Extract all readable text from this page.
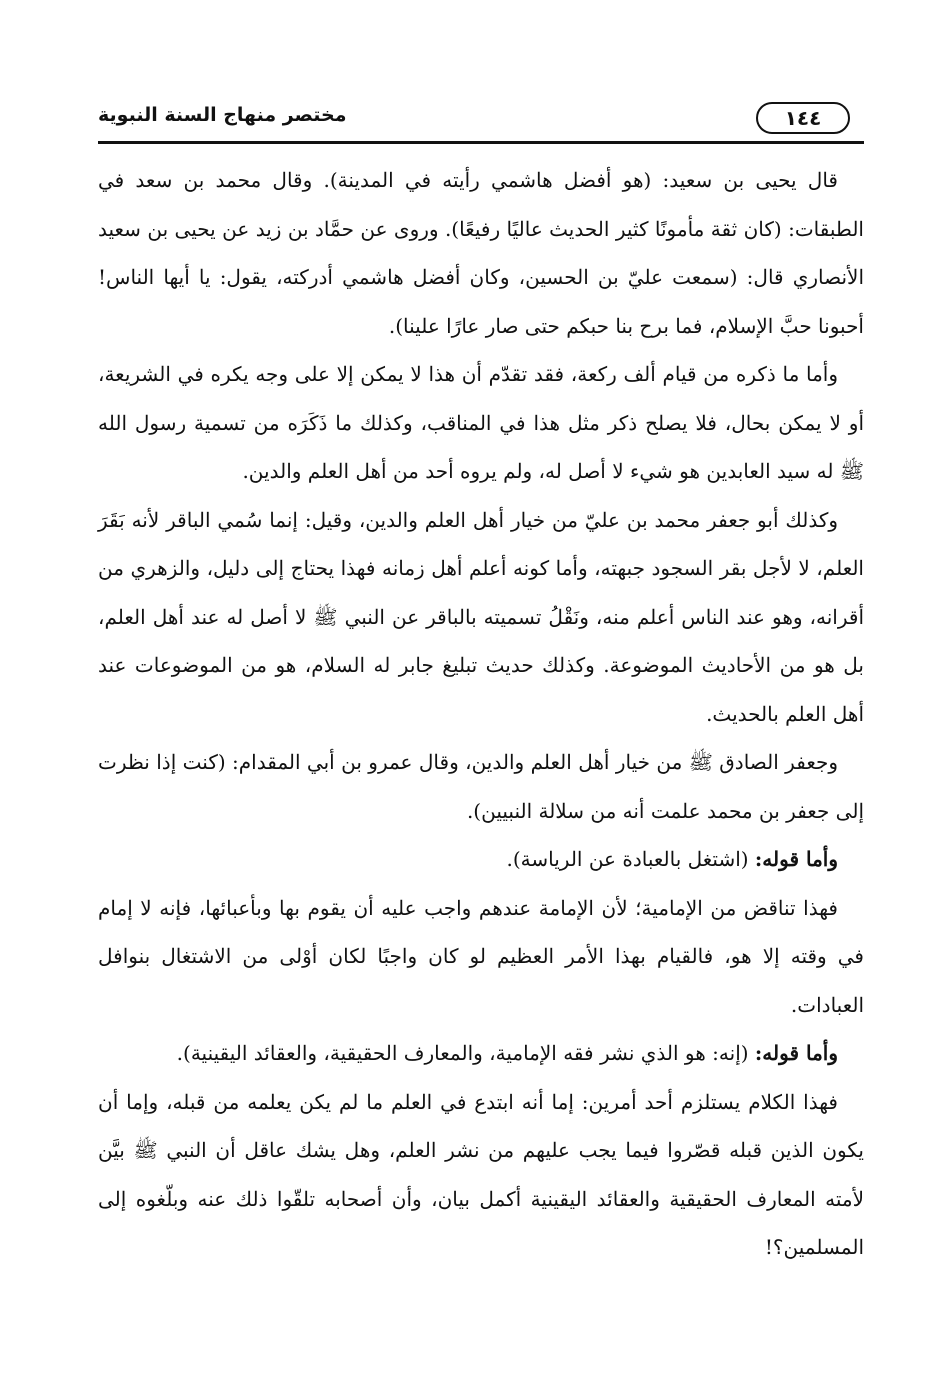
مختصر منهاج السنة النبوية	١٤٤

قال يحيى بن سعيد: (هو أفضل هاشمي رأيته في المدينة). وقال محمد بن سعد في الطبقات: (كان ثقة مأمونًا كثير الحديث عاليًا رفيعًا). وروى عن حمَّاد بن زيد عن يحيى بن سعيد الأنصاري قال: (سمعت عليّ بن الحسين، وكان أفضل هاشمي أدركته، يقول: يا أيها الناس! أحبونا حبَّ الإسلام، فما برح بنا حبكم حتى صار عارًا علينا).

وأما ما ذكره من قيام ألف ركعة، فقد تقدّم أن هذا لا يمكن إلا على وجه يكره في الشريعة، أو لا يمكن بحال، فلا يصلح ذكر مثل هذا في المناقب، وكذلك ما ذَكَرَه من تسمية رسول الله ﷺ له سيد العابدين هو شيء لا أصل له، ولم يروه أحد من أهل العلم والدين.

وكذلك أبو جعفر محمد بن عليّ من خيار أهل العلم والدين، وقيل: إنما سُمي الباقر لأنه بَقَرَ العلم، لا لأجل بقر السجود جبهته، وأما كونه أعلم أهل زمانه فهذا يحتاج إلى دليل، والزهري من أقرانه، وهو عند الناس أعلم منه، ونَقْلُ تسميته بالباقر عن النبي ﷺ لا أصل له عند أهل العلم، بل هو من الأحاديث الموضوعة. وكذلك حديث تبليغ جابر له السلام، هو من الموضوعات عند أهل العلم بالحديث.

وجعفر الصادق ﷺ من خيار أهل العلم والدين، وقال عمرو بن أبي المقدام: (كنت إذا نظرت إلى جعفر بن محمد علمت أنه من سلالة النبيين).

وأما قوله: (اشتغل بالعبادة عن الرياسة).

فهذا تناقض من الإمامية؛ لأن الإمامة عندهم واجب عليه أن يقوم بها وبأعبائها، فإنه لا إمام في وقته إلا هو، فالقيام بهذا الأمر العظيم لو كان واجبًا لكان أوْلى من الاشتغال بنوافل العبادات.

وأما قوله: (إنه: هو الذي نشر فقه الإمامية، والمعارف الحقيقية، والعقائد اليقينية).

فهذا الكلام يستلزم أحد أمرين: إما أنه ابتدع في العلم ما لم يكن يعلمه من قبله، وإما أن يكون الذين قبله قصّروا فيما يجب عليهم من نشر العلم، وهل يشك عاقل أن النبي ﷺ بيَّن لأمته المعارف الحقيقية والعقائد اليقينية أكمل بيان، وأن أصحابه تلقّوا ذلك عنه وبلّغوه إلى المسلمين؟!
